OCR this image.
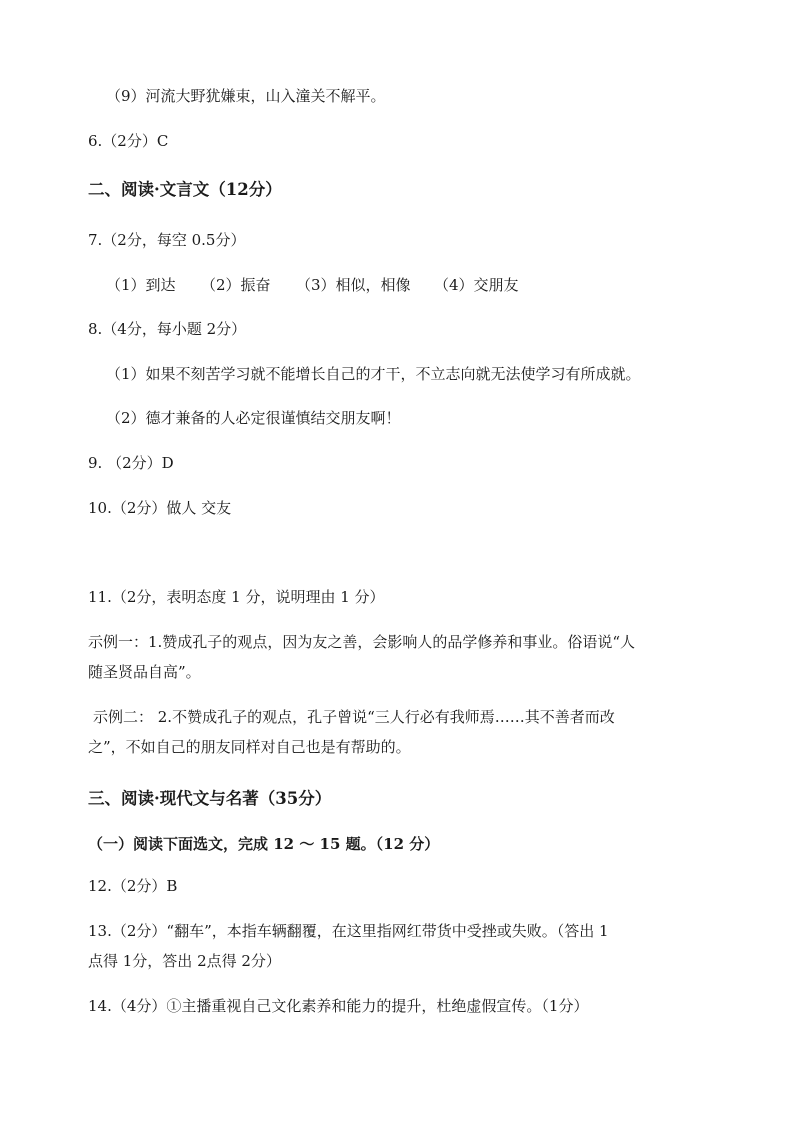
（9）河流大野犹嫌束，山入潼关不解平。
6.（2分）C
二、阅读·文言文（12分）
7.（2分，每空 0.5分）
（1）到达 （2）振奋 （3）相似，相像 （4）交朋友
8.（4分，每小题 2分）
（1）如果不刻苦学习就不能增长自己的才干，不立志向就无法使学习有所成就。
（2）德才兼备的人必定很谨慎结交朋友啊！
9. （2分）D
10.（2分）做人 交友
11.（2分，表明态度 1 分，说明理由 1 分）
示例一：1.赞成孔子的观点，因为友之善，会影响人的品学修养和事业。俗语说“人
随圣贤品自高”。
示例二： 2.不赞成孔子的观点，孔子曾说“三人行必有我师焉……其不善者而改
之”，不如自己的朋友同样对自己也是有帮助的。
三、阅读·现代文与名著（35分）
（一）阅读下面选文，完成 12 ～ 15 题。（12 分）
12.（2分）B
13.（2分）“翻车”，本指车辆翻覆，在这里指网红带货中受挫或失败。（答出 1
点得 1分，答出 2点得 2分）
14.（4分）①主播重视自己文化素养和能力的提升，杜绝虚假宣传。（1分）
